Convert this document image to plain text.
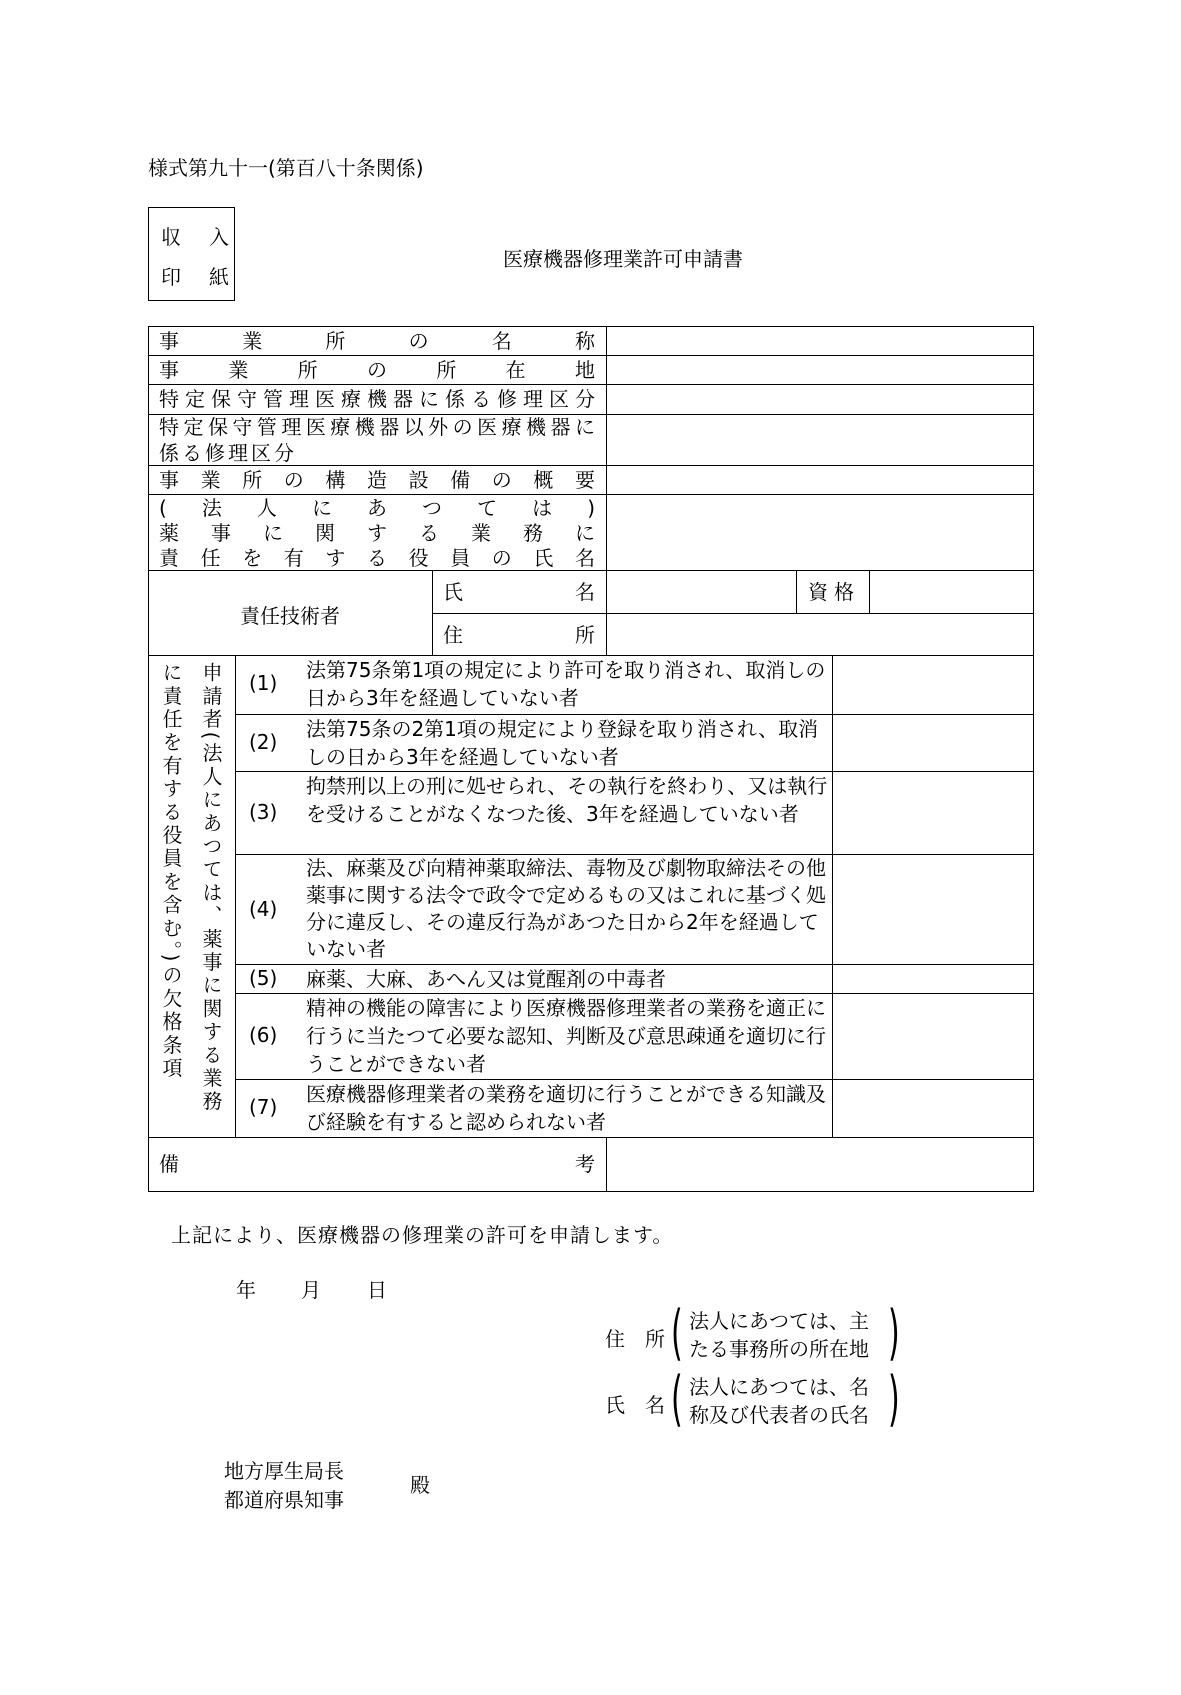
様式第九十一(第百八十条関係)
収　入
印　紙
医療機器修理業許可申請書
事業所の名称
事業所の所在地
特定保守管理医療機器に係る修理区分
特定保守管理医療機器以外の医療機器に
係る修理区分
事業所の構造設備の概要
(法人にあつては)
薬事に関する業務に
責任を有する役員の氏名
責任技術者
氏名	資格
住所
申請者(法人にあつては、薬事に関する業務に責任を有する役員を含む。)の欠格条項	(1)
法第75条第1項の規定により許可を取り消され、取消しの日から3年を経過していない者
(2)
法第75条の2第1項の規定により登録を取り消され、取消しの日から3年を経過していない者
(3)
拘禁刑以上の刑に処せられ、その執行を終わり、又は執行を受けることがなくなつた後、3年を経過していない者
(4)
法、麻薬及び向精神薬取締法、毒物及び劇物取締法その他薬事に関する法令で政令で定めるもの又はこれに基づく処分に違反し、その違反行為があつた日から2年を経過していない者
(5) 麻薬、大麻、あへん又は覚醒剤の中毒者
(6)
精神の機能の障害により医療機器修理業者の業務を適正に行うに当たつて必要な認知、判断及び意思疎通を適切に行うことができない者
(7)
医療機器修理業者の業務を適切に行うことができる知識及び経験を有すると認められない者
備考
上記により、医療機器の修理業の許可を申請します。
年 月 日
住　所 ( 法人にあつては、主
たる事務所の所在地 )
氏　名 ( 法人にあつては、名
称及び代表者の氏名 )
地方厚生局長
都道府県知事
殿
